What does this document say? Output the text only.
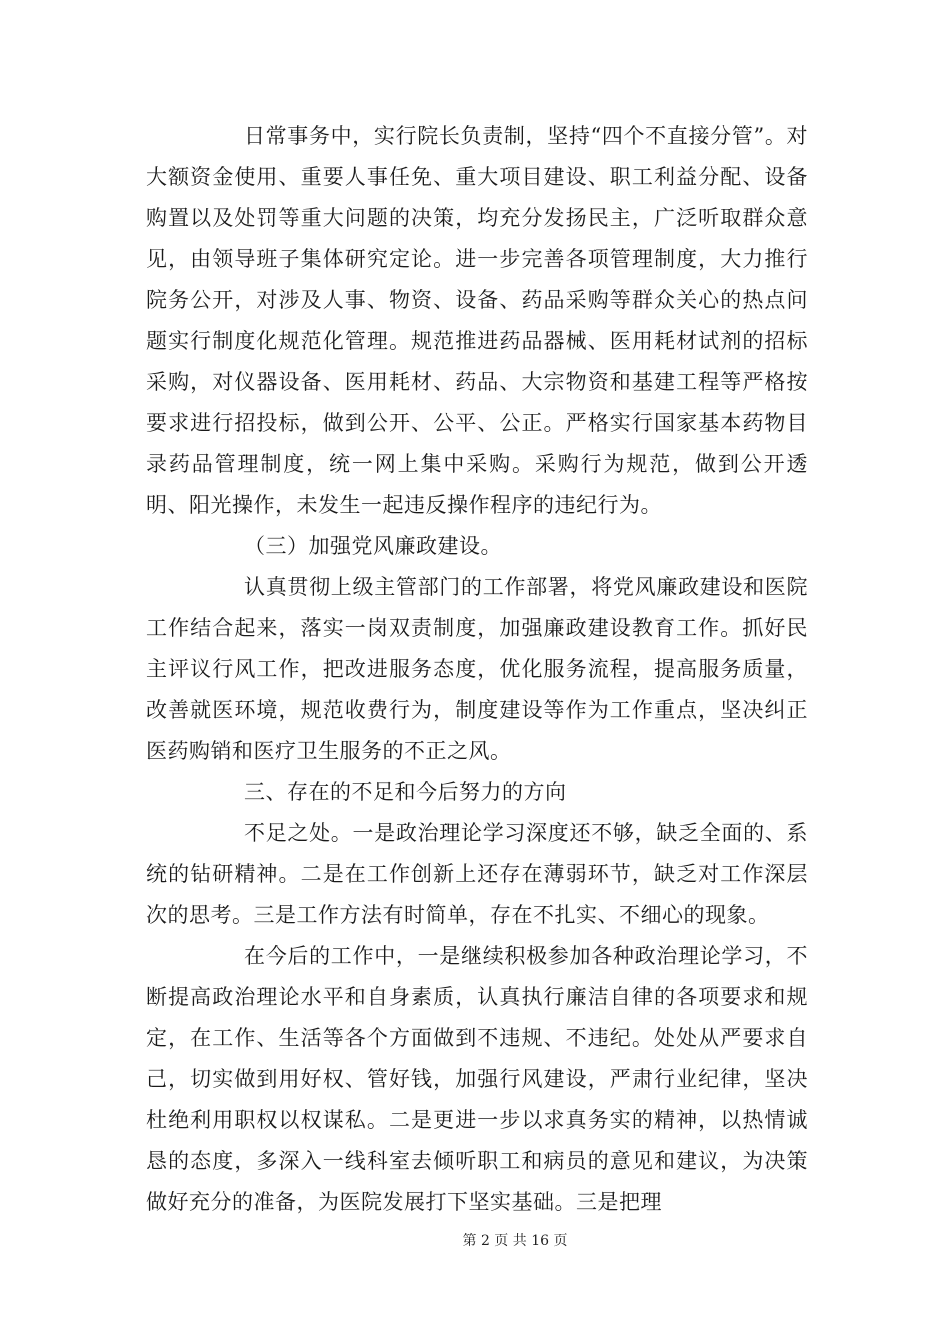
日常事务中，实行院长负责制，坚持“四个不直接分管”。对大额资金使用、重要人事任免、重大项目建设、职工利益分配、设备购置以及处罚等重大问题的决策，均充分发扬民主，广泛听取群众意见，由领导班子集体研究定论。进一步完善各项管理制度，大力推行院务公开，对涉及人事、物资、设备、药品采购等群众关心的热点问题实行制度化规范化管理。规范推进药品器械、医用耗材试剂的招标采购，对仪器设备、医用耗材、药品、大宗物资和基建工程等严格按要求进行招投标，做到公开、公平、公正。严格实行国家基本药物目录药品管理制度，统一网上集中采购。采购行为规范，做到公开透明、阳光操作，未发生一起违反操作程序的违纪行为。

（三）加强党风廉政建设。

认真贯彻上级主管部门的工作部署，将党风廉政建设和医院工作结合起来，落实一岗双责制度，加强廉政建设教育工作。抓好民主评议行风工作，把改进服务态度，优化服务流程，提高服务质量，改善就医环境，规范收费行为，制度建设等作为工作重点，坚决纠正医药购销和医疗卫生服务的不正之风。

三、存在的不足和今后努力的方向

不足之处。一是政治理论学习深度还不够，缺乏全面的、系统的钻研精神。二是在工作创新上还存在薄弱环节，缺乏对工作深层次的思考。三是工作方法有时简单，存在不扎实、不细心的现象。

在今后的工作中，一是继续积极参加各种政治理论学习，不断提高政治理论水平和自身素质，认真执行廉洁自律的各项要求和规定，在工作、生活等各个方面做到不违规、不违纪。处处从严要求自己，切实做到用好权、管好钱，加强行风建设，严肃行业纪律，坚决杜绝利用职权以权谋私。二是更进一步以求真务实的精神，以热情诚恳的态度，多深入一线科室去倾听职工和病员的意见和建议，为决策做好充分的准备，为医院发展打下坚实基础。三是把理

第 2 页 共 16 页
